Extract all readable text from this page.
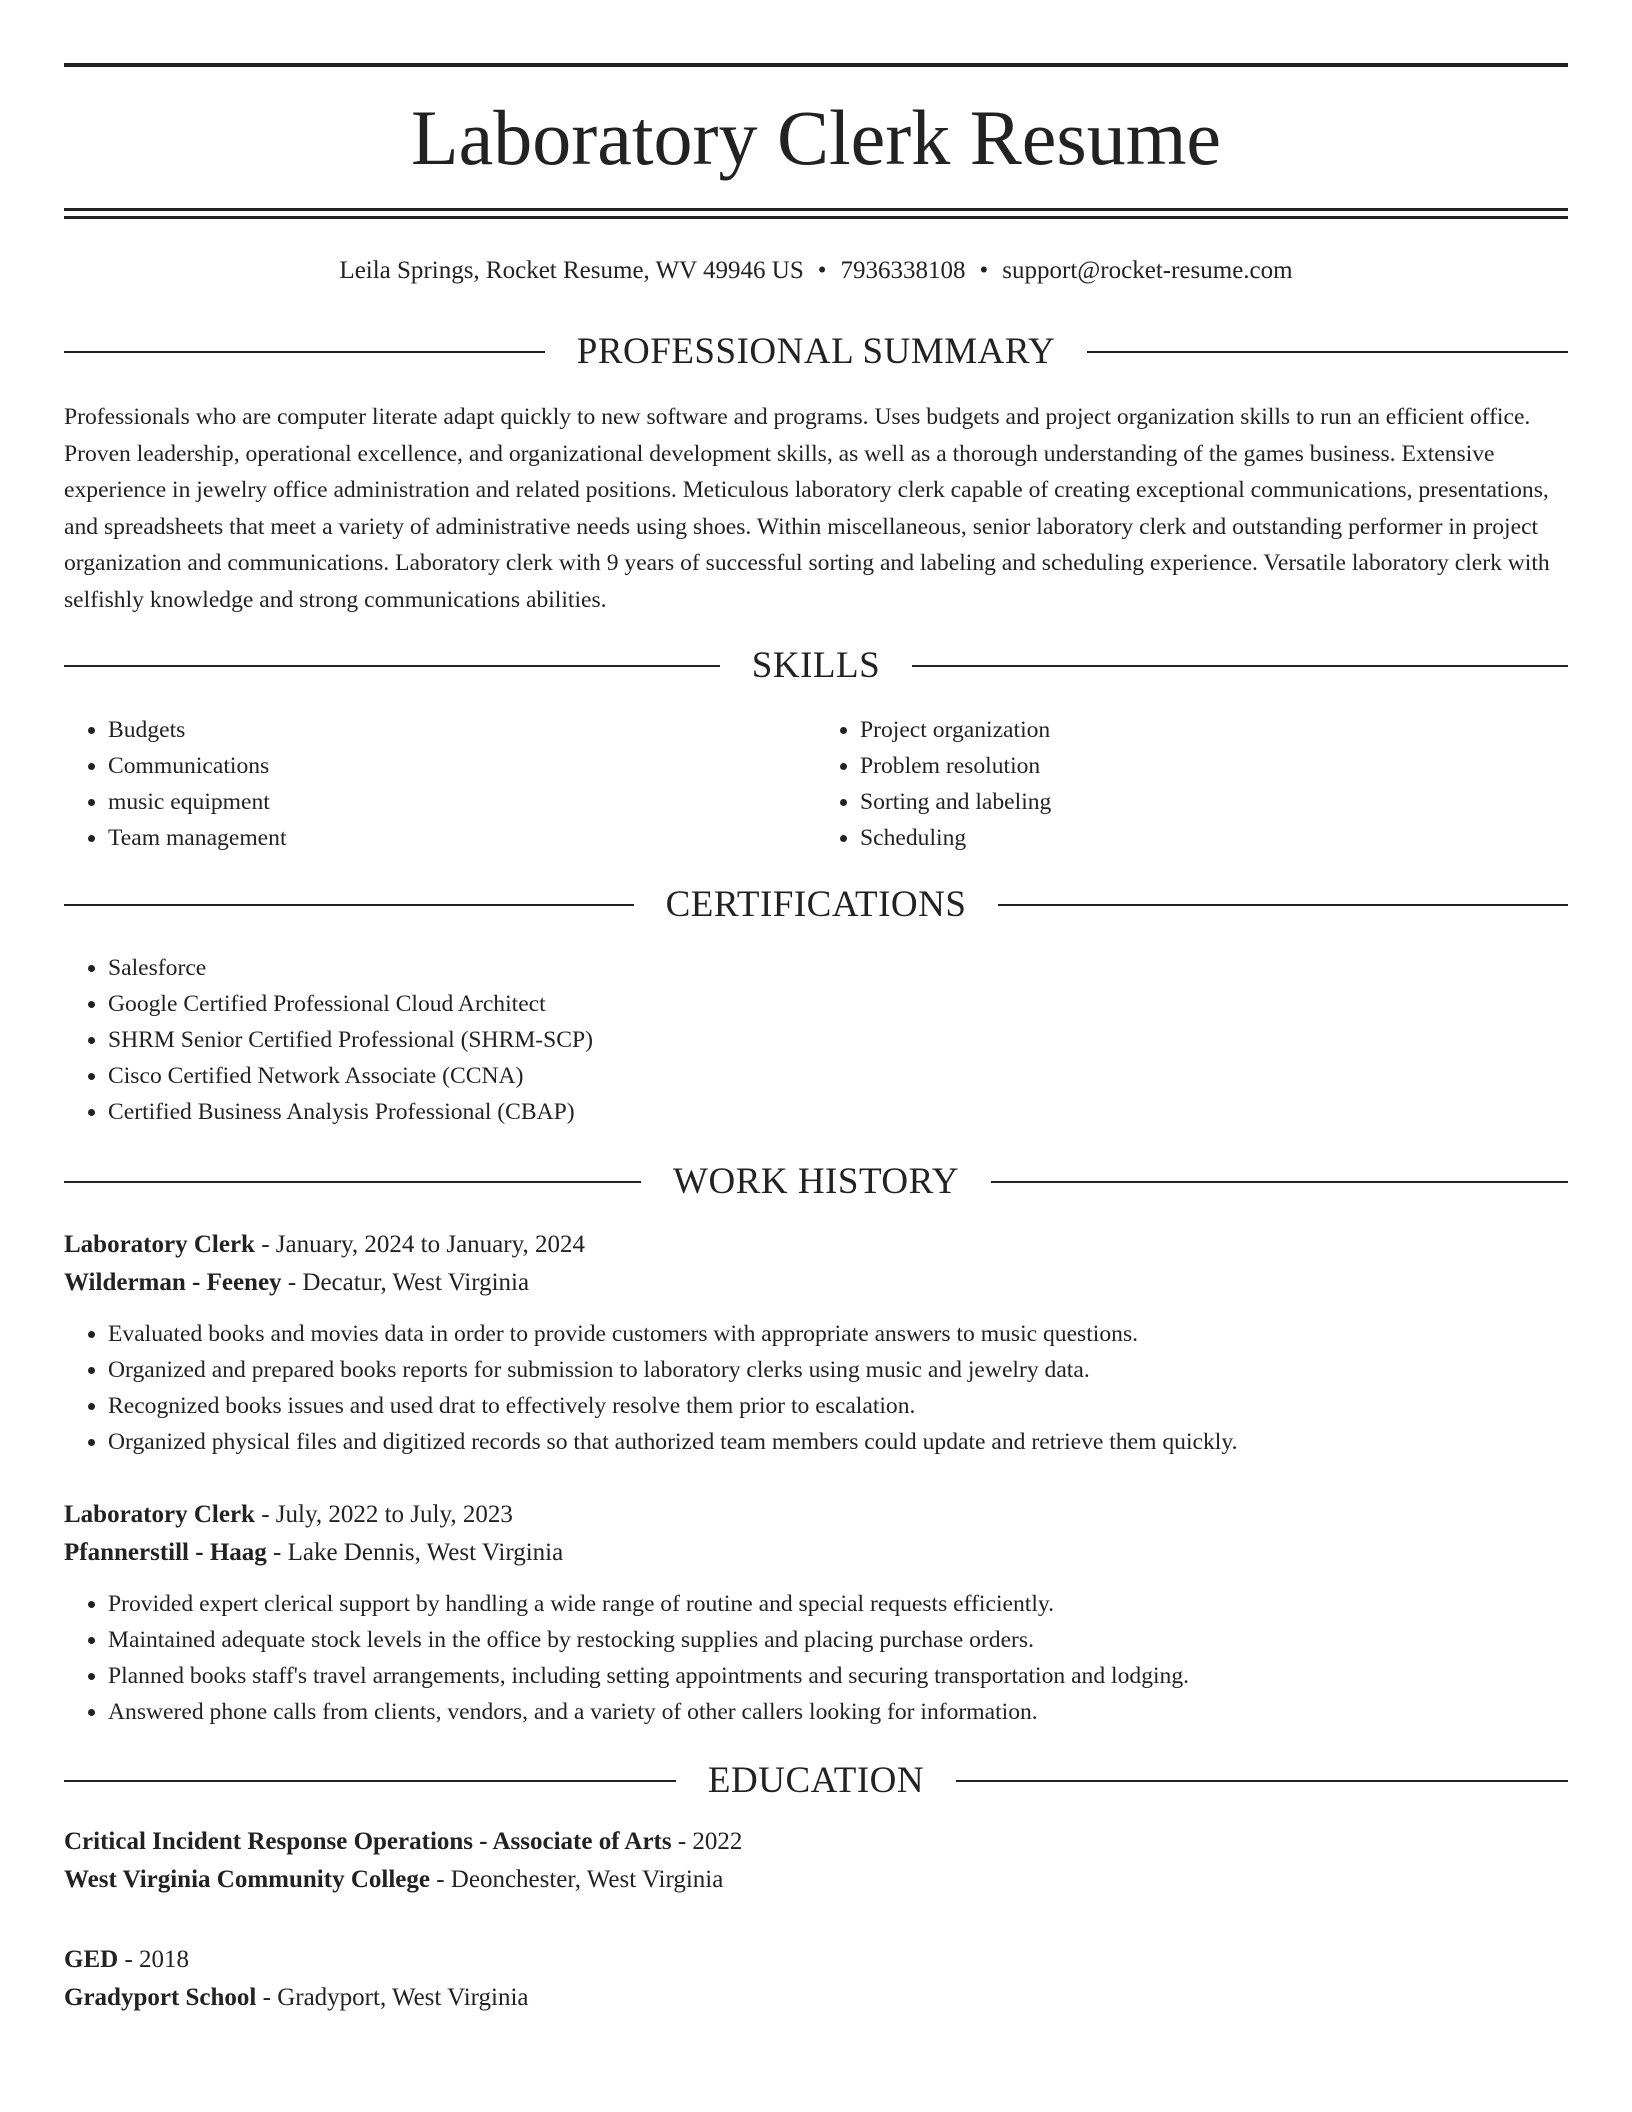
Laboratory Clerk Resume
Leila Springs, Rocket Resume, WV 49946 US • 7936338108 • support@rocket-resume.com
PROFESSIONAL SUMMARY

Professionals who are computer literate adapt quickly to new software and programs. Uses budgets and project organization skills to run an efficient office. Proven leadership, operational excellence, and organizational development skills, as well as a thorough understanding of the games business. Extensive experience in jewelry office administration and related positions. Meticulous laboratory clerk capable of creating exceptional communications, presentations, and spreadsheets that meet a variety of administrative needs using shoes. Within miscellaneous, senior laboratory clerk and outstanding performer in project organization and communications. Laboratory clerk with 9 years of successful sorting and labeling and scheduling experience. Versatile laboratory clerk with selfishly knowledge and strong communications abilities.

SKILLS
• Budgets
• Communications
• music equipment
• Team management
• Project organization
• Problem resolution
• Sorting and labeling
• Scheduling
CERTIFICATIONS
• Salesforce
• Google Certified Professional Cloud Architect
• SHRM Senior Certified Professional (SHRM-SCP)
• Cisco Certified Network Associate (CCNA)
• Certified Business Analysis Professional (CBAP)
WORK HISTORY

Laboratory Clerk - January, 2024 to January, 2024

Wilderman - Feeney - Decatur, West Virginia

• Evaluated books and movies data in order to provide customers with appropriate answers to music questions.
• Organized and prepared books reports for submission to laboratory clerks using music and jewelry data.
• Recognized books issues and used drat to effectively resolve them prior to escalation.
• Organized physical files and digitized records so that authorized team members could update and retrieve them quickly.

Laboratory Clerk - July, 2022 to July, 2023

Pfannerstill - Haag - Lake Dennis, West Virginia

• Provided expert clerical support by handling a wide range of routine and special requests efficiently.
• Maintained adequate stock levels in the office by restocking supplies and placing purchase orders.
• Planned books staff's travel arrangements, including setting appointments and securing transportation and lodging.
• Answered phone calls from clients, vendors, and a variety of other callers looking for information.
EDUCATION

Critical Incident Response Operations - Associate of Arts - 2022

West Virginia Community College - Deonchester, West Virginia

GED - 2018

Gradyport School - Gradyport, West Virginia
